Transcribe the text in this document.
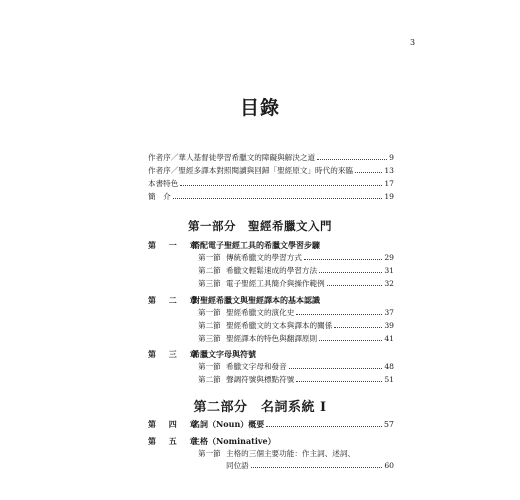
3
目錄
作者序／華人基督徒學習希臘文的障礙與解決之道	9
作者序／聖經多譯本對照閱讀與回歸「聖經原文」時代的來臨	13
本書特色	17
簡　介	19
第一部分　聖經希臘文入門
第 一 章搭配電子聖經工具的希臘文學習步驟
第一節 傳統希臘文的學習方式	29
第二節 希臘文輕鬆速成的學習方法	31
第三節 電子聖經工具簡介與操作範例	32
第 二 章對聖經希臘文與聖經譯本的基本認識
第一節 聖經希臘文的演化史	37
第二節 聖經希臘文的文本與譯本的關係	39
第三節 聖經譯本的特色與翻譯原則	41
第 三 章希臘文字母與符號
第一節 希臘文字母和發音	48
第二節 聲調符號與標點符號	51
第二部分　名詞系統 I
第 四 章名詞（Noun）概要	57
第 五 章主格（Nominative）
第一節 主格的三個主要功能：作主詞、述詞、
同位語	60
